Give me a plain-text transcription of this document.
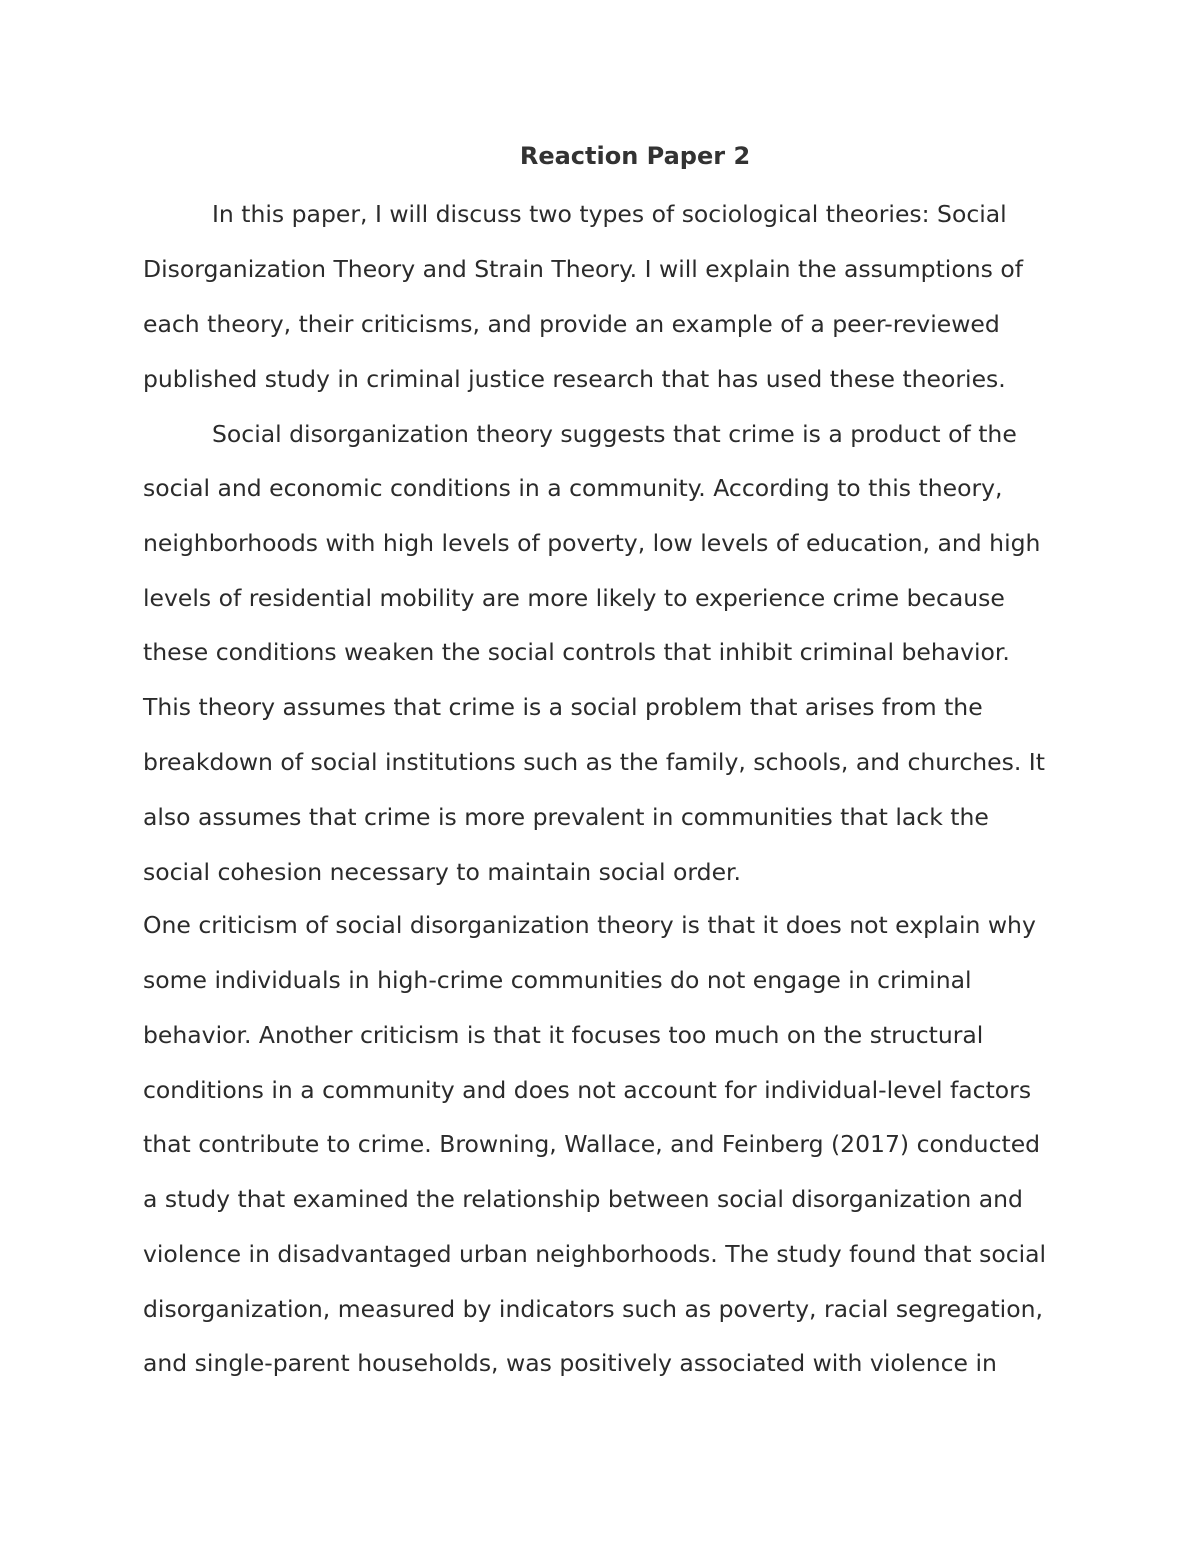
Reaction Paper 2

In this paper, I will discuss two types of sociological theories: Social

Disorganization Theory and Strain Theory. I will explain the assumptions of

each theory, their criticisms, and provide an example of a peer-reviewed

published study in criminal justice research that has used these theories.

Social disorganization theory suggests that crime is a product of the

social and economic conditions in a community. According to this theory,

neighborhoods with high levels of poverty, low levels of education, and high

levels of residential mobility are more likely to experience crime because

these conditions weaken the social controls that inhibit criminal behavior.

This theory assumes that crime is a social problem that arises from the

breakdown of social institutions such as the family, schools, and churches. It

also assumes that crime is more prevalent in communities that lack the

social cohesion necessary to maintain social order.

One criticism of social disorganization theory is that it does not explain why

some individuals in high-crime communities do not engage in criminal

behavior. Another criticism is that it focuses too much on the structural

conditions in a community and does not account for individual-level factors

that contribute to crime. Browning, Wallace, and Feinberg (2017) conducted

a study that examined the relationship between social disorganization and

violence in disadvantaged urban neighborhoods. The study found that social

disorganization, measured by indicators such as poverty, racial segregation,

and single-parent households, was positively associated with violence in
